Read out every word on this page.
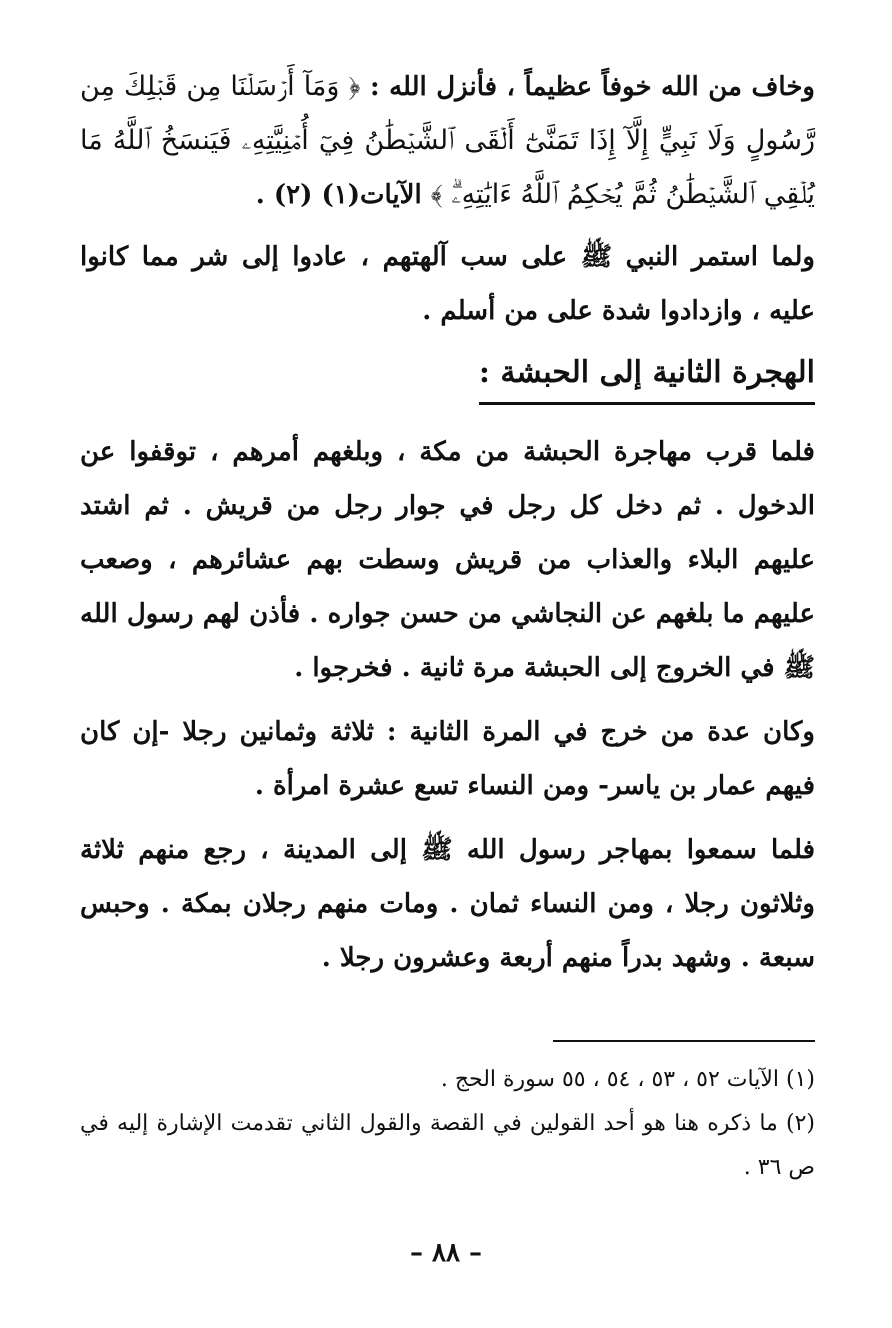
وخاف من الله خوفاً عظيماً ، فأنزل الله : ﴿ وَمَآ أَرۡسَلۡنَا مِن قَبۡلِكَ مِن رَّسُولٍ وَلَا نَبِيٍّ إِلَّآ إِذَا تَمَنَّىٰٓ أَلۡقَى ٱلشَّيۡطَٰنُ فِيٓ أُمۡنِيَّتِهِۦ فَيَنسَخُ ٱللَّهُ مَا يُلۡقِي ٱلشَّيۡطَٰنُ ثُمَّ يُحۡكِمُ ٱللَّهُ ءَايَٰتِهِۦۗ ﴾ الآيات(١) (٢) .

ولما استمر النبي ﷺ على سب آلهتهم ، عادوا إلى شر مما كانوا عليه ، وازدادوا شدة على من أسلم .

الهجرة الثانية إلى الحبشة :

فلما قرب مهاجرة الحبشة من مكة ، وبلغهم أمرهم ، توقفوا عن الدخول . ثم دخل كل رجل في جوار رجل من قريش . ثم اشتد عليهم البلاء والعذاب من قريش وسطت بهم عشائرهم ، وصعب عليهم ما بلغهم عن النجاشي من حسن جواره . فأذن لهم رسول الله ﷺ في الخروج إلى الحبشة مرة ثانية . فخرجوا .

وكان عدة من خرج في المرة الثانية : ثلاثة وثمانين رجلا -إن كان فيهم عمار بن ياسر- ومن النساء تسع عشرة امرأة .

فلما سمعوا بمهاجر رسول الله ﷺ إلى المدينة ، رجع منهم ثلاثة وثلاثون رجلا ، ومن النساء ثمان . ومات منهم رجلان بمكة . وحبس سبعة . وشهد بدراً منهم أربعة وعشرون رجلا .

(١) الآيات ٥٢ ، ٥٣ ، ٥٤ ، ٥٥ سورة الحج .

(٢) ما ذكره هنا هو أحد القولين في القصة والقول الثاني تقدمت الإشارة إليه في ص ٣٦ .

– ٨٨ –
